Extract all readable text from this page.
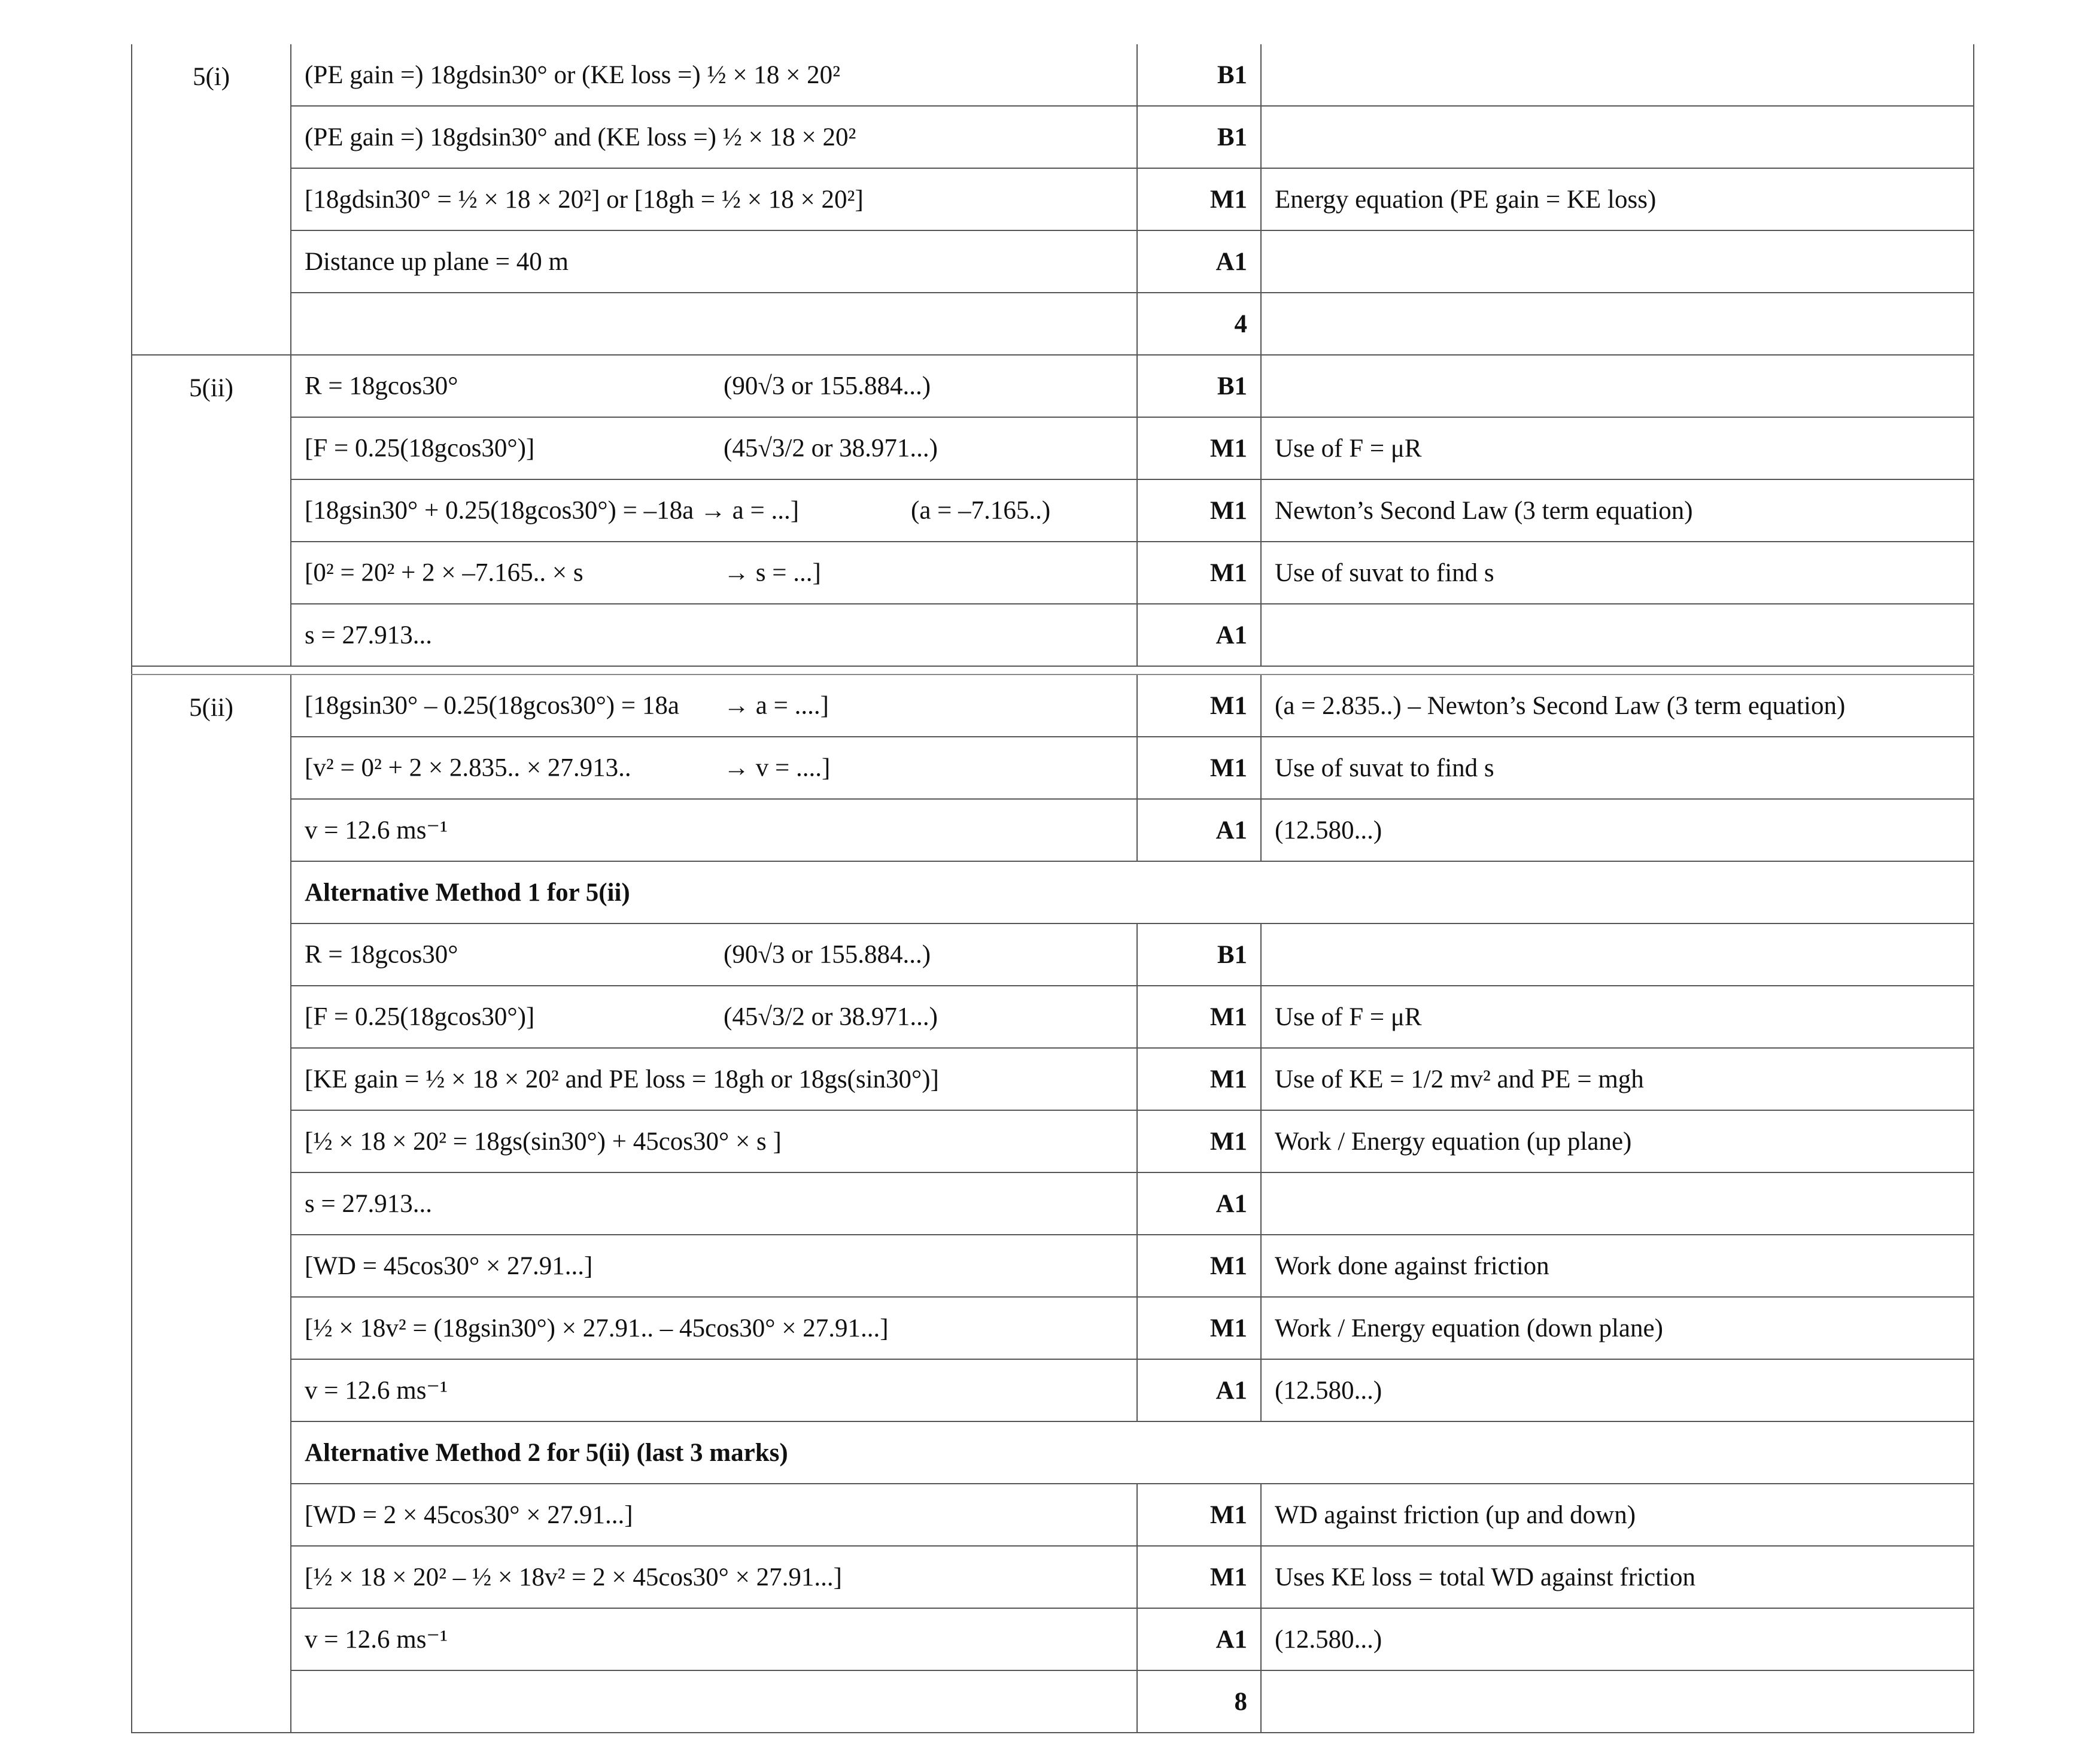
5(i)	(PE gain =) 18gdsin30° or (KE loss =) ½ × 18 × 20²	B1	
	(PE gain =) 18gdsin30° and (KE loss =) ½ × 18 × 20²	B1	
	[18gdsin30° = ½ × 18 × 20²] or [18gh = ½ × 18 × 20²]	M1	Energy equation (PE gain = KE loss)
	Distance up plane = 40 m	A1	
		4	
5(ii)	R = 18gcos30° (90√3 or 155.884...)	B1	

	[F = 0.25(18gcos30°)] (45√3/2 or 38.971...)	M1	Use of F = μR

	[18gsin30° + 0.25(18gcos30°) = –18a → a = ...] (a = –7.165..)	M1	Newton’s Second Law (3 term equation)

	[0² = 20² + 2 × –7.165.. × s → s = ...]	M1	Use of suvat to find s
	s = 27.913...	A1	

5(ii)	[18gsin30° – 0.25(18gcos30°) = 18a → a = ....]	M1	(a = 2.835..) – Newton’s Second Law (3 term equation)

	[v² = 0² + 2 × 2.835.. × 27.913.. → v = ....]	M1	Use of suvat to find s
	v = 12.6 ms⁻¹	A1	(12.580...)
	Alternative Method 1 for 5(ii)		

	R = 18gcos30° (90√3 or 155.884...)	B1	

	[F = 0.25(18gcos30°)] (45√3/2 or 38.971...)	M1	Use of F = μR
	[KE gain = ½ × 18 × 20² and PE loss = 18gh or 18gs(sin30°)]	M1	Use of KE = 1/2 mv² and PE = mgh
	[½ × 18 × 20² = 18gs(sin30°) + 45cos30° × s ]	M1	Work / Energy equation (up plane)
	s = 27.913...	A1	
	[WD = 45cos30° × 27.91...]	M1	Work done against friction
	[½ × 18v² = (18gsin30°) × 27.91.. – 45cos30° × 27.91...]	M1	Work / Energy equation (down plane)
	v = 12.6 ms⁻¹	A1	(12.580...)
	Alternative Method 2 for 5(ii) (last 3 marks)		
	[WD = 2 × 45cos30° × 27.91...]	M1	WD against friction (up and down)
	[½ × 18 × 20² – ½ × 18v² = 2 × 45cos30° × 27.91...]	M1	Uses KE loss = total WD against friction
	v = 12.6 ms⁻¹	A1	(12.580...)
		8	
